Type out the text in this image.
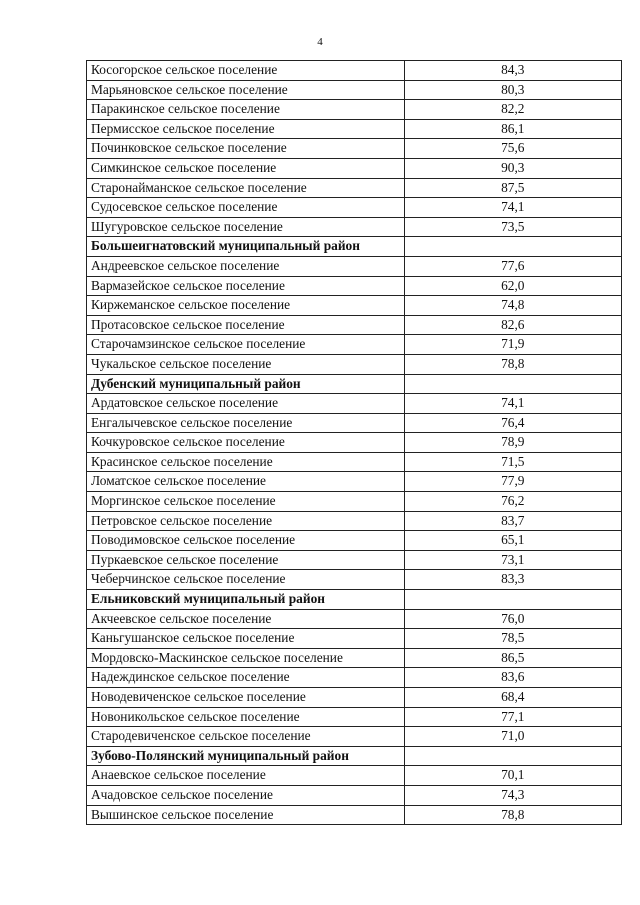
4
Косогорское сельское поселение	84,3
Марьяновское сельское поселение	80,3
Паракинское сельское поселение	82,2
Пермисское сельское поселение	86,1
Починковское сельское поселение	75,6
Симкинское сельское поселение	90,3
Старонайманское сельское поселение	87,5
Судосевское сельское поселение	74,1
Шугуровское сельское поселение	73,5
Большеигнатовский муниципальный район	
Андреевское сельское поселение	77,6
Вармазейское сельское поселение	62,0
Киржеманское сельское поселение	74,8
Протасовское сельское поселение	82,6
Старочамзинское сельское поселение	71,9
Чукальское сельское поселение	78,8
Дубенский муниципальный район	
Ардатовское сельское поселение	74,1
Енгалычевское сельское поселение	76,4
Кочкуровское сельское поселение	78,9
Красинское сельское поселение	71,5
Ломатское сельское поселение	77,9
Моргинское сельское поселение	76,2
Петровское сельское поселение	83,7
Поводимовское сельское поселение	65,1
Пуркаевское сельское поселение	73,1
Чеберчинское сельское поселение	83,3
Ельниковский муниципальный район	
Акчеевское сельское поселение	76,0
Каньгушанское сельское поселение	78,5
Мордовско-Маскинское сельское поселение	86,5
Надеждинское сельское поселение	83,6
Новодевиченское сельское поселение	68,4
Новоникольское сельское поселение	77,1
Стародевиченское сельское поселение	71,0
Зубово-Полянский муниципальный район	
Анаевское сельское поселение	70,1
Ачадовское сельское поселение	74,3
Вышинское сельское поселение	78,8
